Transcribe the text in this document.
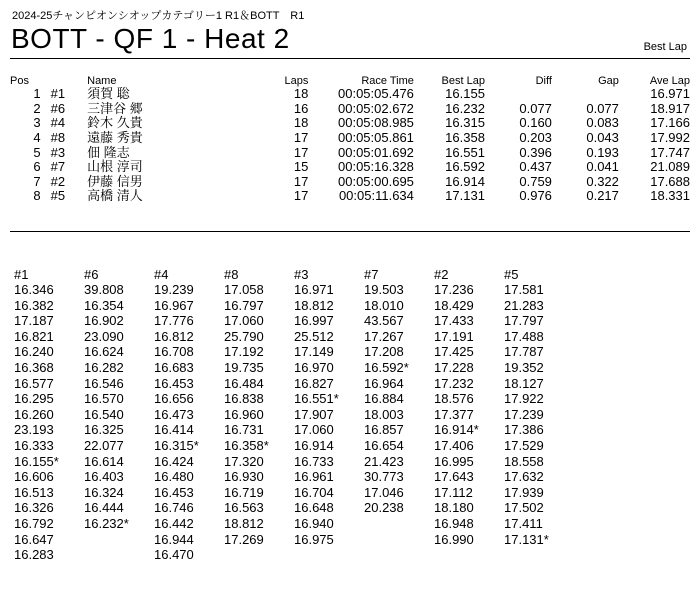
2024-25チャンピオンシオップカテゴリー1 R1＆BOTT　R1
BOTT - QF 1 - Heat 2	Best Lap
Pos		Name	Laps	Race Time	Best Lap	Diff	Gap	Ave Lap
1	#1	須賀 聡	18	00:05:05.476	16.155			16.971
2	#6	三津谷 郷	16	00:05:02.672	16.232	0.077	0.077	18.917
3	#4	鈴木 久貴	18	00:05:08.985	16.315	0.160	0.083	17.166
4	#8	遠藤 秀貴	17	00:05:05.861	16.358	0.203	0.043	17.992
5	#3	佃 隆志	17	00:05:01.692	16.551	0.396	0.193	17.747
6	#7	山根 淳司	15	00:05:16.328	16.592	0.437	0.041	21.089
7	#2	伊藤 信男	17	00:05:00.695	16.914	0.759	0.322	17.688
8	#5	高橋 清人	17	00:05:11.634	17.131	0.976	0.217	18.331
#1	#6	#4	#8	#3	#7	#2	#5
16.346	39.808	19.239	17.058	16.971	19.503	17.236	17.581
16.382	16.354	16.967	16.797	18.812	18.010	18.429	21.283
17.187	16.902	17.776	17.060	16.997	43.567	17.433	17.797
16.821	23.090	16.812	25.790	25.512	17.267	17.191	17.488
16.240	16.624	16.708	17.192	17.149	17.208	17.425	17.787
16.368	16.282	16.683	19.735	16.970	16.592*	17.228	19.352
16.577	16.546	16.453	16.484	16.827	16.964	17.232	18.127
16.295	16.570	16.656	16.838	16.551*	16.884	18.576	17.922
16.260	16.540	16.473	16.960	17.907	18.003	17.377	17.239
23.193	16.325	16.414	16.731	17.060	16.857	16.914*	17.386
16.333	22.077	16.315*	16.358*	16.914	16.654	17.406	17.529
16.155*	16.614	16.424	17.320	16.733	21.423	16.995	18.558
16.606	16.403	16.480	16.930	16.961	30.773	17.643	17.632
16.513	16.324	16.453	16.719	16.704	17.046	17.112	17.939
16.326	16.444	16.746	16.563	16.648	20.238	18.180	17.502
16.792	16.232*	16.442	18.812	16.940		16.948	17.411
16.647		16.944	17.269	16.975		16.990	17.131*
16.283		16.470					
